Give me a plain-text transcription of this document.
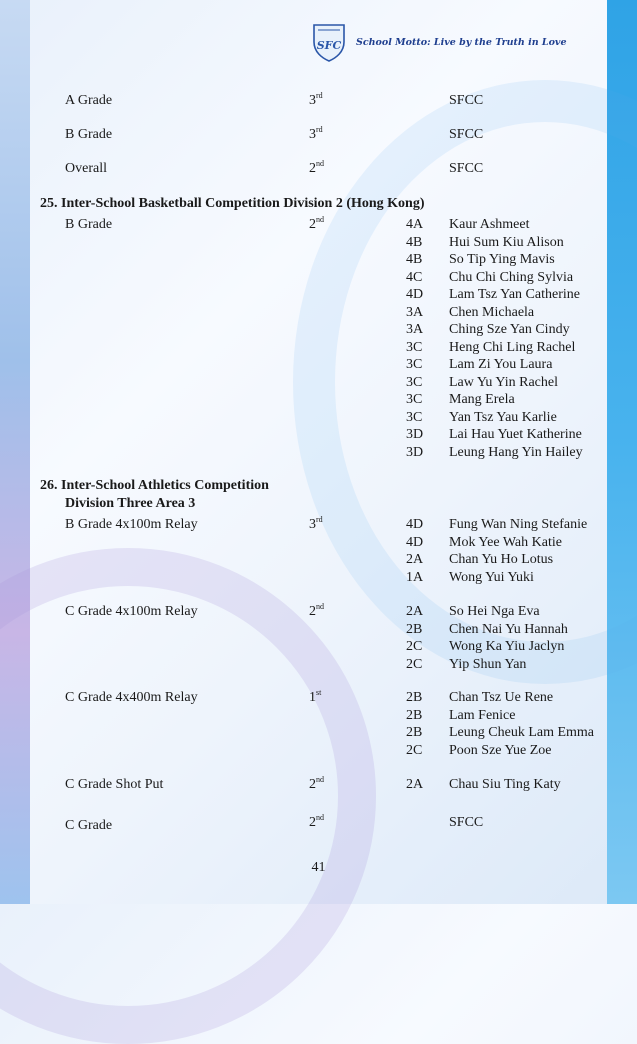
SFC School Motto: Live by the Truth in Love
A Grade	3rd	SFCC
B Grade	3rd	SFCC
Overall	2nd	SFCC
25. Inter-School Basketball Competition Division 2 (Hong Kong)
B Grade	2nd	4A Kaur Ashmeet
4B Hui Sum Kiu Alison
4B So Tip Ying Mavis
4C Chu Chi Ching Sylvia
4D Lam Tsz Yan Catherine
3A Chen Michaela
3A Ching Sze Yan Cindy
3C Heng Chi Ling Rachel
3C Lam Zi You Laura
3C Law Yu Yin Rachel
3C Mang Erela
3C Yan Tsz Yau Karlie
3D Lai Hau Yuet Katherine
3D Leung Hang Yin Hailey
26. Inter-School Athletics Competition
Division Three Area 3
B Grade 4x100m Relay	3rd	4D Fung Wan Ning Stefanie
4D Mok Yee Wah Katie
2A Chan Yu Ho Lotus
1A Wong Yui Yuki
C Grade 4x100m Relay	2nd	2A So Hei Nga Eva
2B Chen Nai Yu Hannah
2C Wong Ka Yiu Jaclyn
2C Yip Shun Yan
C Grade 4x400m Relay	1st	2B Chan Tsz Ue Rene
2B Lam Fenice
2B Leung Cheuk Lam Emma
2C Poon Sze Yue Zoe
C Grade Shot Put	2nd	2A Chau Siu Ting Katy
C Grade	2nd	SFCC
41
